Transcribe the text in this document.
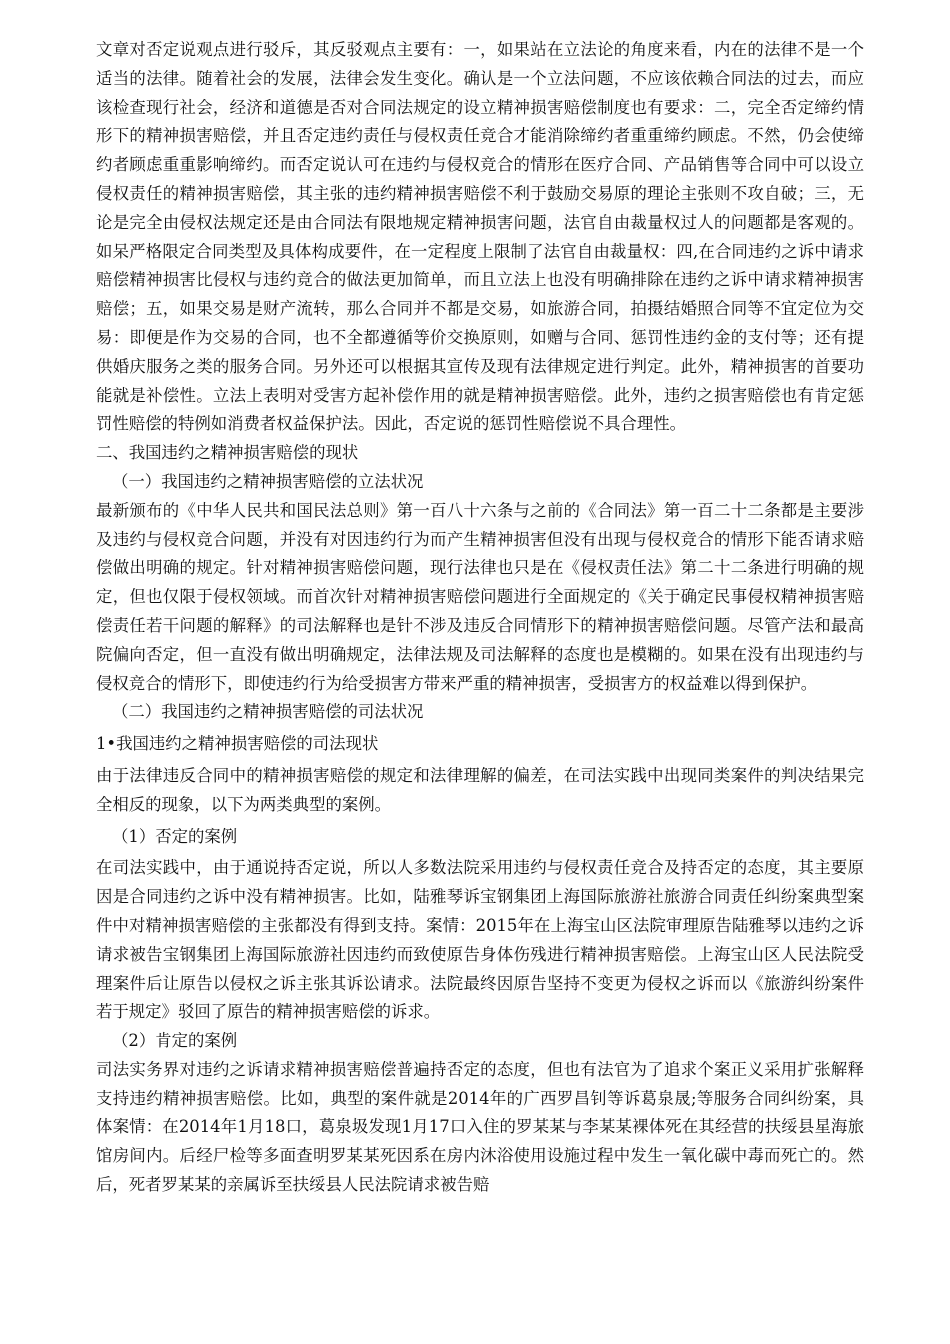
文章对否定说观点进行驳斥，其反驳观点主要有：一，如果站在立法论的角度来看，内在的法律不是一个适当的法律。随着社会的发展，法律会发生变化。确认是一个立法问题，不应该依赖合同法的过去，而应该检查现行社会，经济和道德是否对合同法规定的设立精神损害赔偿制度也有要求：二，完全否定缔约情形下的精神损害赔偿，并且否定违约责任与侵权责任竞合才能消除缔约者重重缔约顾虑。不然，仍会使缔约者顾虑重重影响缔约。而否定说认可在违约与侵权竞合的情形在医疗合同、产品销售等合同中可以设立侵权责任的精神损害赔偿，其主张的违约精神损害赔偿不利于鼓励交易原的理论主张则不攻自破；三，无论是完全由侵权法规定还是由合同法有限地规定精神损害问题，法官自由裁量权过人的问题都是客观的。如呆严格限定合同类型及具体构成要件，在一定程度上限制了法官自由裁量权：四,在合同违约之诉中请求赔偿精神损害比侵权与违约竞合的做法更加简单，而且立法上也没有明确排除在违约之诉中请求精神损害赔偿；五，如果交易是财产流转，那么合同并不都是交易，如旅游合同，拍摄结婚照合同等不宜定位为交易：即便是作为交易的合同，也不全都遵循等价交换原则，如赠与合同、惩罚性违约金的支付等；还有提供婚庆服务之类的服务合同。另外还可以根据其宣传及现有法律规定进行判定。此外，精神损害的首要功能就是补偿性。立法上表明对受害方起补偿作用的就是精神损害赔偿。此外，违约之损害赔偿也有肯定惩罚性赔偿的特例如消费者权益保护法。因此，否定说的惩罚性赔偿说不具合理性。

二、我国违约之精神损害赔偿的现状

（一）我国违约之精神损害赔偿的立法状况

最新颁布的《中华人民共和国民法总则》第一百八十六条与之前的《合同法》第一百二十二条都是主要涉及违约与侵权竞合问题，并没有对因违约行为而产生精神损害但没有出现与侵权竞合的情形下能否请求赔偿做出明确的规定。针对精神损害赔偿问题，现行法律也只是在《侵权责任法》第二十二条进行明确的规定，但也仅限于侵权领域。而首次针对精神损害赔偿问题进行全面规定的《关于确定民事侵权精神损害赔偿责任若干问题的解释》的司法解释也是针不涉及违反合同情形下的精神损害赔偿问题。尽管产法和最高院偏向否定，但一直没有做出明确规定，法律法规及司法解释的态度也是模糊的。如果在没有出现违约与侵权竞合的情形下，即使违约行为给受损害方带来严重的精神损害，受损害方的权益难以得到保护。

（二）我国违约之精神损害赔偿的司法状况

1•我国违约之精神损害赔偿的司法现状

由于法律违反合同中的精神损害赔偿的规定和法律理解的偏差，在司法实践中出现同类案件的判决结果完全相反的现象，以下为两类典型的案例。

（1）否定的案例

在司法实践中，由于通说持否定说，所以人多数法院采用违约与侵权责任竞合及持否定的态度，其主要原因是合同违约之诉中没有精神损害。比如，陆雅琴诉宝钢集团上海国际旅游社旅游合同责任纠纷案典型案件中对精神损害赔偿的主张都没有得到支持。案情：2015年在上海宝山区法院审理原告陆雅琴以违约之诉请求被告宝钢集团上海国际旅游社因违约而致使原告身体伤残进行精神损害赔偿。上海宝山区人民法院受理案件后让原告以侵权之诉主张其诉讼请求。法院最终因原告坚持不变更为侵权之诉而以《旅游纠纷案件若于规定》驳回了原告的精神损害赔偿的诉求。

（2）肯定的案例

司法实务界对违约之诉请求精神损害赔偿普遍持否定的态度，但也有法官为了追求个案正义采用扩张解释支持违约精神损害赔偿。比如，典型的案件就是2014年的广西罗昌钊等诉葛泉晟;等服务合同纠纷案，具体案情：在2014年1月18口，葛泉圾发现1月17口入住的罗某某与李某某裸体死在其经营的扶绥县星海旅馆房间内。后经尸检等多面查明罗某某死因系在房内沐浴使用设施过程中发生一氧化碳中毒而死亡的。然后，死者罗某某的亲属诉至扶绥县人民法院请求被告赔
